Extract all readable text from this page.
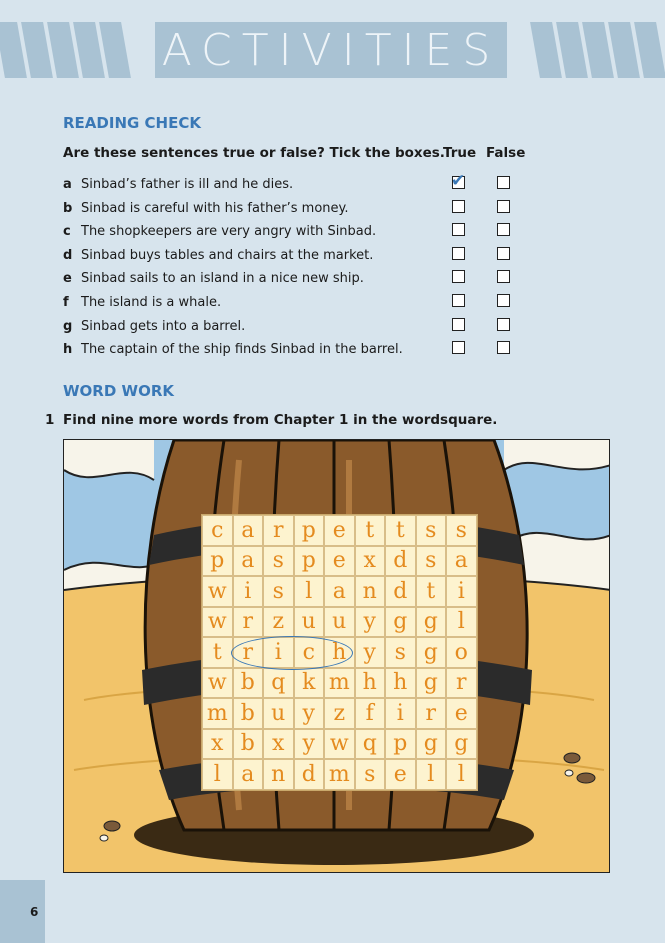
ACTIVITIES
READING CHECK
Are these sentences true or false? Tick the boxes.
True False
a Sinbad’s father is ill and he dies.	✔
b Sinbad is careful with his father’s money.
c The shopkeepers are very angry with Sinbad.
d Sinbad buys tables and chairs at the market.
e Sinbad sails to an island in a nice new ship.
f The island is a whale.
g Sinbad gets into a barrel.
h The captain of the ship finds Sinbad in the barrel.
WORD WORK
1 Find nine more words from Chapter 1 in the wordsquare.
c a r p e t t s s
p a s p e x d s a
w i s l a n d t	i
w r z u u y g g l
t r i c h y s g o
w b q k m h h g r
m b u y z f	i r e
x b x y w q p g g
l a n d m s e l	l
6
